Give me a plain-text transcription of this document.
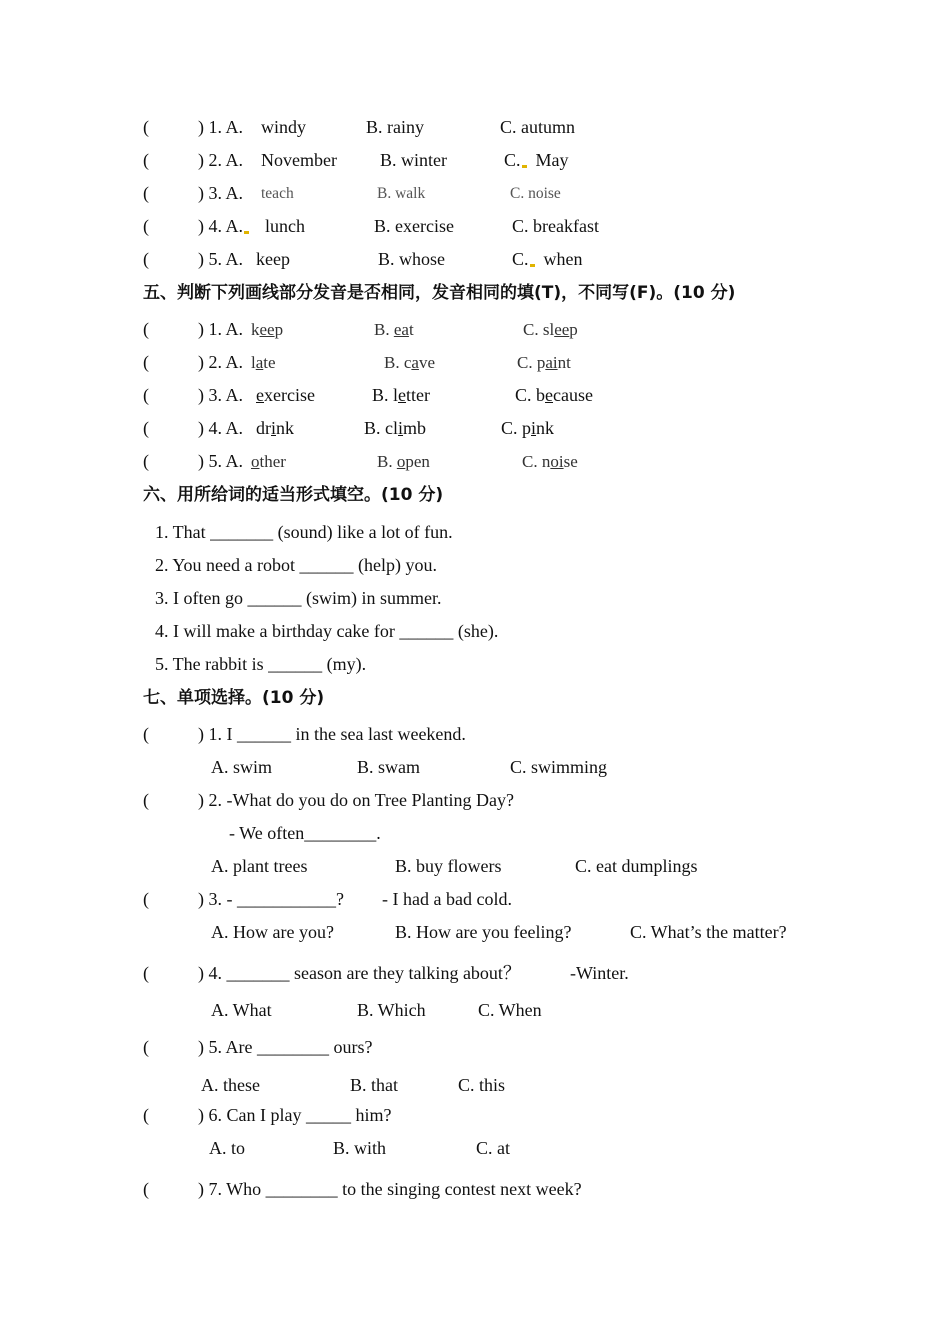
(	) 1. A. windy	B. rainy	C. autumn
(	) 2. A. November B. winter	C. May
(	) 3. A. teach	B. walk	C. noise
(	) 4. A.	lunch	B. exercise	C. breakfast
(	) 5. A. keep	B. whose	C. when
五、判断下列画线部分发音是否相同，发音相同的填(T)，不同写(F)。(10 分)
(	) 1. A. keep	B. eat	C. sleep
(	) 2. A. late	B. cave	C. paint
(	) 3. A. exercise	B. letter	C. because
(	) 4. A. drink	B. climb	C. pink
(	) 5. A. other	B. open	C. noise
六、用所给词的适当形式填空。(10 分)
1. That _______ (sound) like a lot of fun.
2. You need a robot ______ (help) you.
3. I often go ______ (swim) in summer.
4. I will make a birthday cake for ______ (she).
5. The rabbit is ______ (my).
七、单项选择。(10 分)
(	) 1. I ______ in the sea last weekend.
A. swim	B. swam	C. swimming
(	) 2. -What do you do on Tree Planting Day?
- We often________.
A. plant trees	B. buy flowers	C. eat dumplings
(	) 3. - ___________? - I had a bad cold.
A. How are you?	B. How are you feeling?	C. What’s the matter?
(	) 4. _______ season are they talking about？	-Winter.
A. What	B. Which	C. When
(	) 5. Are ________ ours?
A. these	B. that	C. this
(	) 6. Can I play _____ him?
A. to	B. with	C. at
(	) 7. Who ________ to the singing contest next week?
